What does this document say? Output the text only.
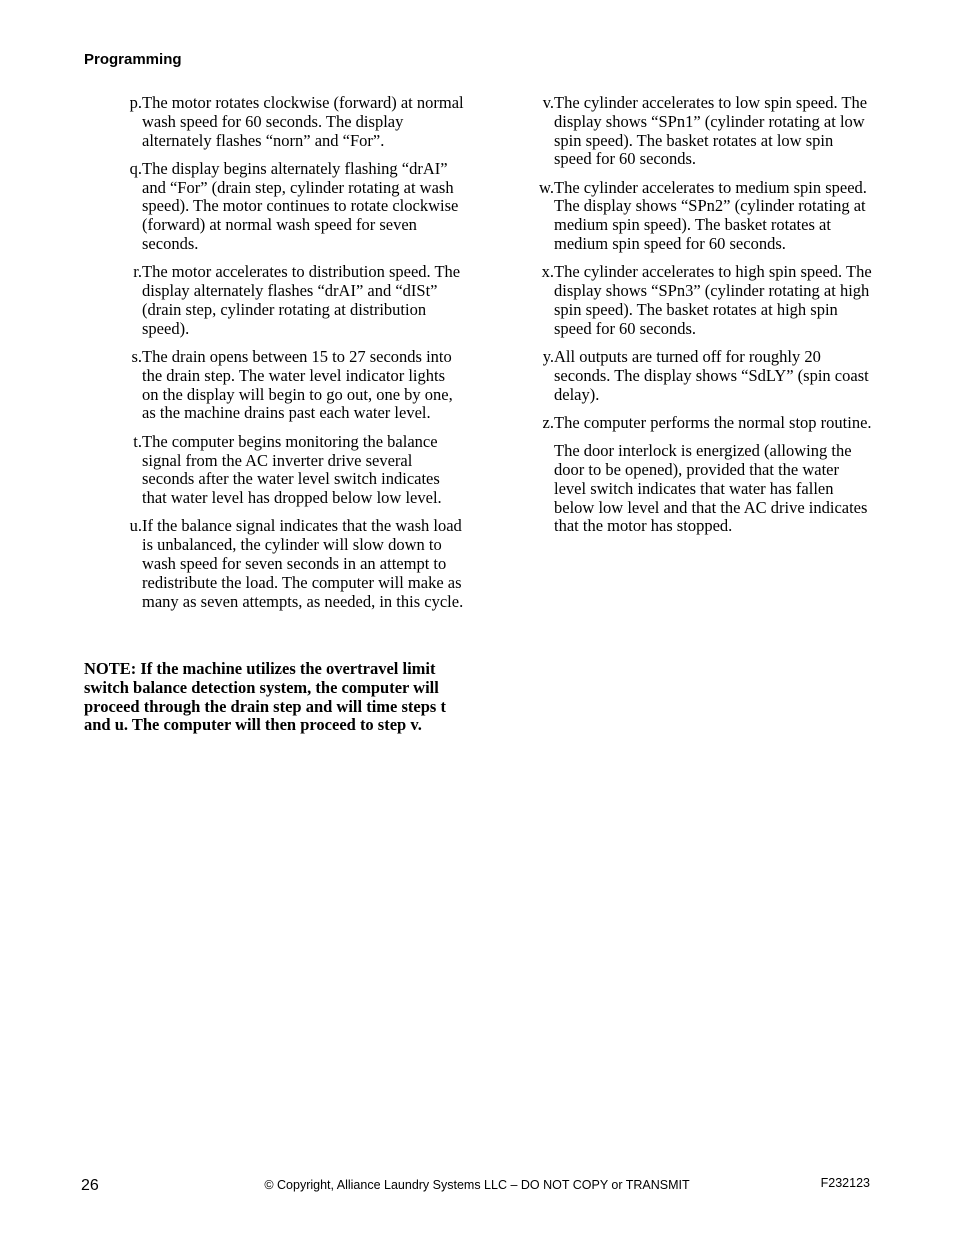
Programming
p. The motor rotates clockwise (forward) at normal wash speed for 60 seconds. The display alternately flashes “norn” and “For”.
q. The display begins alternately flashing “drAI” and “For” (drain step, cylinder rotating at wash speed). The motor continues to rotate clockwise (forward) at normal wash speed for seven seconds.
r. The motor accelerates to distribution speed. The display alternately flashes “drAI” and “dISt” (drain step, cylinder rotating at distribution speed).
s. The drain opens between 15 to 27 seconds into the drain step. The water level indicator lights on the display will begin to go out, one by one, as the machine drains past each water level.
t. The computer begins monitoring the balance signal from the AC inverter drive several seconds after the water level switch indicates that water level has dropped below low level.
u. If the balance signal indicates that the wash load is unbalanced, the cylinder will slow down to wash speed for seven seconds in an attempt to redistribute the load. The computer will make as many as seven attempts, as needed, in this cycle.
NOTE: If the machine utilizes the overtravel limit switch balance detection system, the computer will proceed through the drain step and will time steps t and u. The computer will then proceed to step v.
v. The cylinder accelerates to low spin speed. The display shows “SPn1” (cylinder rotating at low spin speed). The basket rotates at low spin speed for 60 seconds.
w. The cylinder accelerates to medium spin speed. The display shows “SPn2” (cylinder rotating at medium spin speed). The basket rotates at medium spin speed for 60 seconds.
x. The cylinder accelerates to high spin speed. The display shows “SPn3” (cylinder rotating at high spin speed). The basket rotates at high spin speed for 60 seconds.
y. All outputs are turned off for roughly 20 seconds. The display shows “SdLY” (spin coast delay).
z. The computer performs the normal stop routine.
The door interlock is energized (allowing the door to be opened), provided that the water level switch indicates that water has fallen below low level and that the AC drive indicates that the motor has stopped.
26	© Copyright, Alliance Laundry Systems LLC – DO NOT COPY or TRANSMIT	F232123
